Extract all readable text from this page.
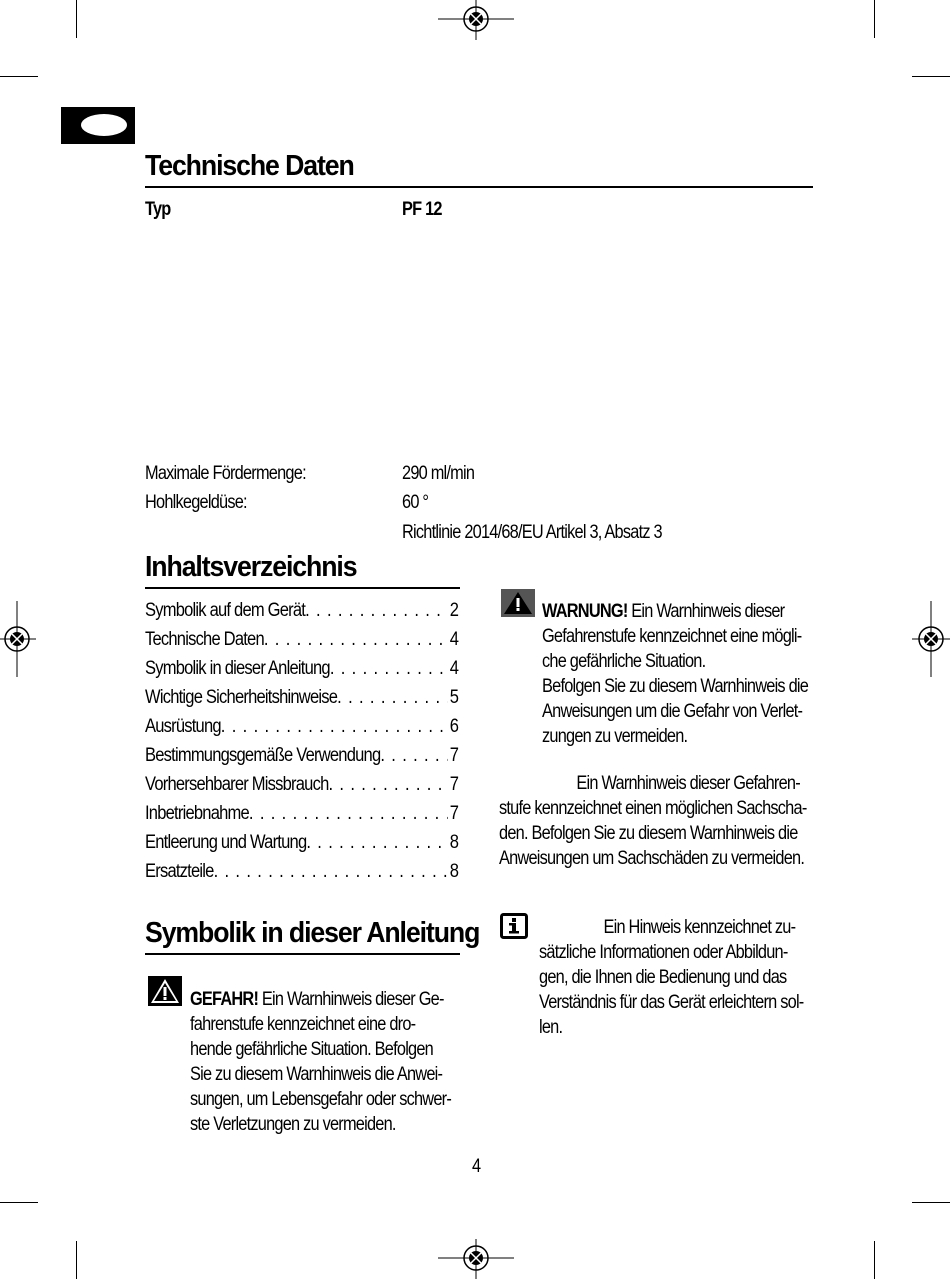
Technische Daten
Typ	PF 12
Maximale Fördermenge:	290 ml/min
Hohlkegeldüse:	60 °
Richtlinie 2014/68/EU Artikel 3, Absatz 3
Inhaltsverzeichnis
Symbolik auf dem Gerät . . .	2
Technische Daten . . .	4
Symbolik in dieser Anleitung . . .	4
Wichtige Sicherheitshinweise . . .	5
Ausrüstung . . .	6
Bestimmungsgemäße Verwendung . . .	7
Vorhersehbarer Missbrauch . . .	7
Inbetriebnahme . . .	7
Entleerung und Wartung . . .	8
Ersatzteile . . .	8
Symbolik in dieser Anleitung
GEFAHR! Ein Warnhinweis dieser Ge-
fahrenstufe kennzeichnet eine dro-
hende gefährliche Situation. Befolgen
Sie zu diesem Warnhinweis die Anwei-
sungen, um Lebensgefahr oder schwer-
ste Verletzungen zu vermeiden.
WARNUNG! Ein Warnhinweis dieser
Gefahrenstufe kennzeichnet eine mögli-
che gefährliche Situation.
Befolgen Sie zu diesem Warnhinweis die
Anweisungen um die Gefahr von Verlet-
zungen zu vermeiden.
Ein Warnhinweis dieser Gefahren-
stufe kennzeichnet einen möglichen Sachscha-
den. Befolgen Sie zu diesem Warnhinweis die
Anweisungen um Sachschäden zu vermeiden.
Ein Hinweis kennzeichnet zu-
sätzliche Informationen oder Abbildun-
gen, die Ihnen die Bedienung und das
Verständnis für das Gerät erleichtern sol-
len.
4
